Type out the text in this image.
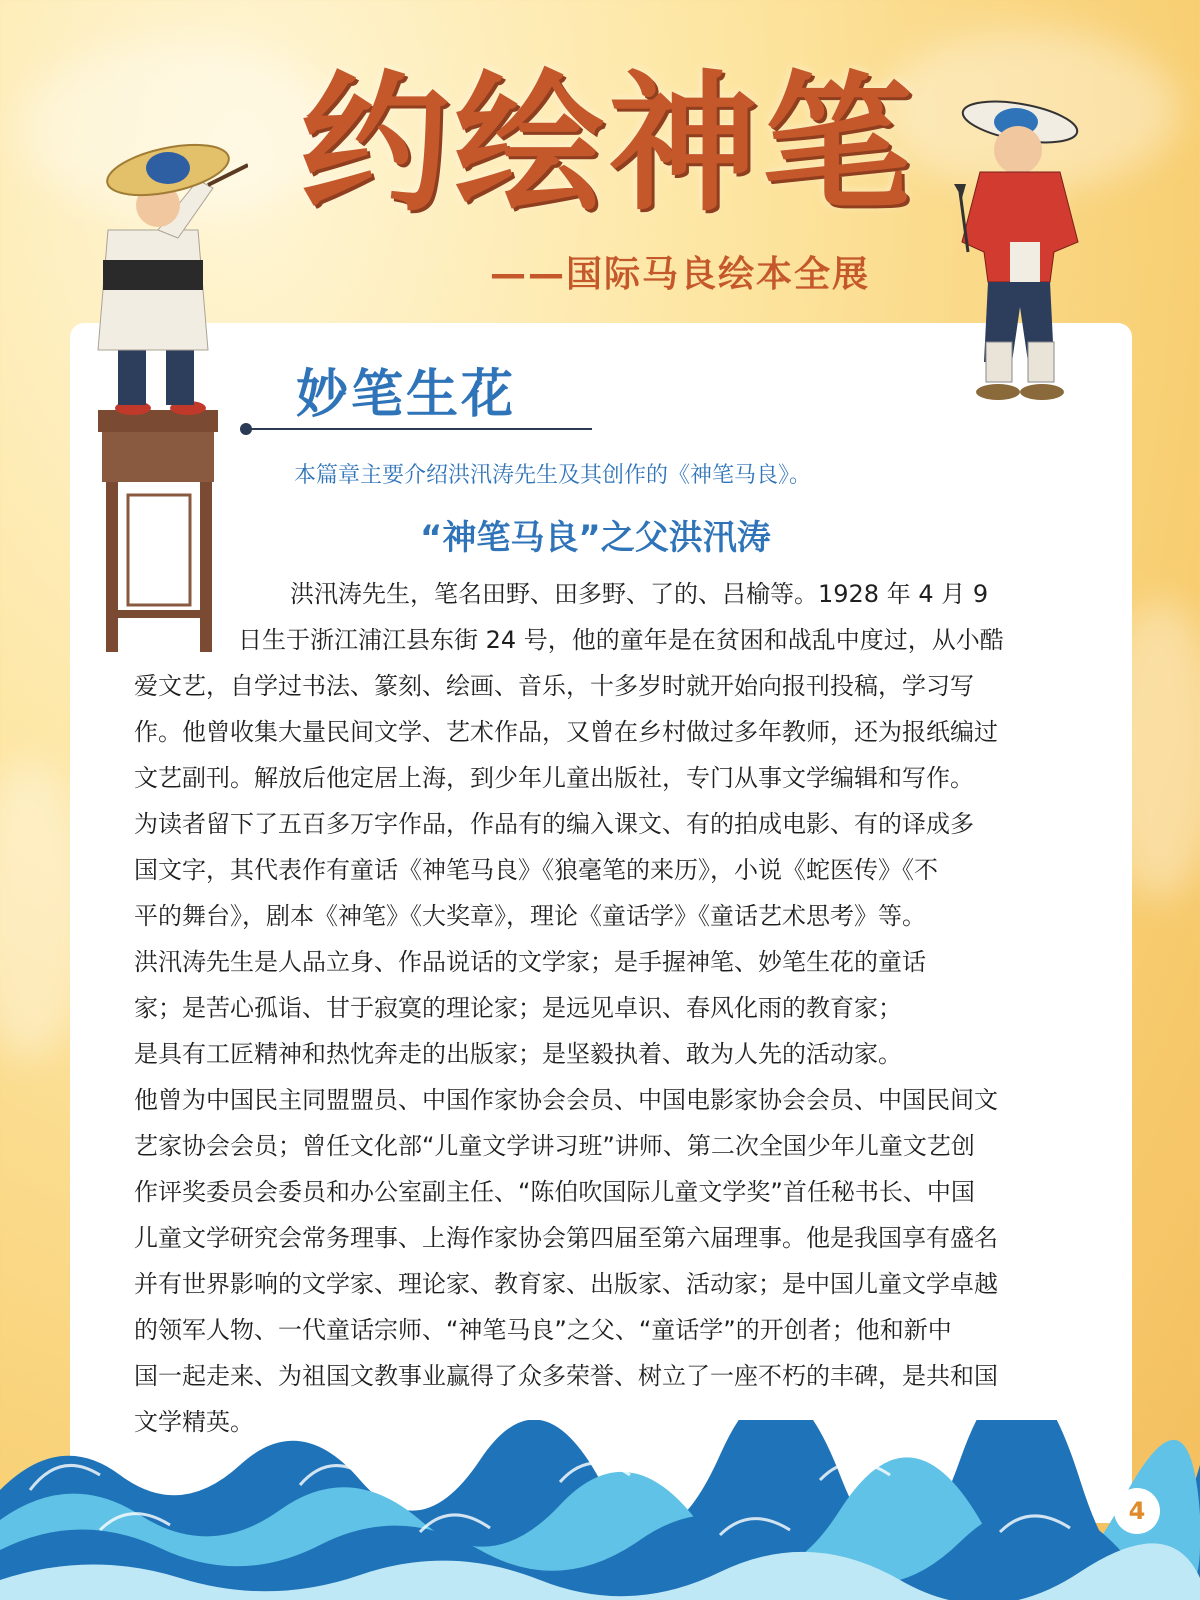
约绘神笔
——国际马良绘本全展
妙笔生花
本篇章主要介绍洪汛涛先生及其创作的《神笔马良》。
“神笔马良”之父洪汛涛
洪汛涛先生，笔名田野、田多野、了的、吕榆等。1928 年 4 月 9
日生于浙江浦江县东街 24 号，他的童年是在贫困和战乱中度过，从小酷
爱文艺，自学过书法、篆刻、绘画、音乐，十多岁时就开始向报刊投稿，学习写
作。他曾收集大量民间文学、艺术作品，又曾在乡村做过多年教师，还为报纸编过
文艺副刊。解放后他定居上海，到少年儿童出版社，专门从事文学编辑和写作。
为读者留下了五百多万字作品，作品有的编入课文、有的拍成电影、有的译成多
国文字，其代表作有童话《神笔马良》《狼毫笔的来历》，小说《蛇医传》《不
平的舞台》，剧本《神笔》《大奖章》，理论《童话学》《童话艺术思考》等。
洪汛涛先生是人品立身、作品说话的文学家；是手握神笔、妙笔生花的童话
家；是苦心孤诣、甘于寂寞的理论家；是远见卓识、春风化雨的教育家；
是具有工匠精神和热忱奔走的出版家；是坚毅执着、敢为人先的活动家。
他曾为中国民主同盟盟员、中国作家协会会员、中国电影家协会会员、中国民间文
艺家协会会员；曾任文化部“儿童文学讲习班”讲师、第二次全国少年儿童文艺创
作评奖委员会委员和办公室副主任、“陈伯吹国际儿童文学奖”首任秘书长、中国
儿童文学研究会常务理事、上海作家协会第四届至第六届理事。他是我国享有盛名
并有世界影响的文学家、理论家、教育家、出版家、活动家；是中国儿童文学卓越
的领军人物、一代童话宗师、“神笔马良”之父、“童话学”的开创者；他和新中
国一起走来、为祖国文教事业赢得了众多荣誉、树立了一座不朽的丰碑，是共和国
文学精英。
4
